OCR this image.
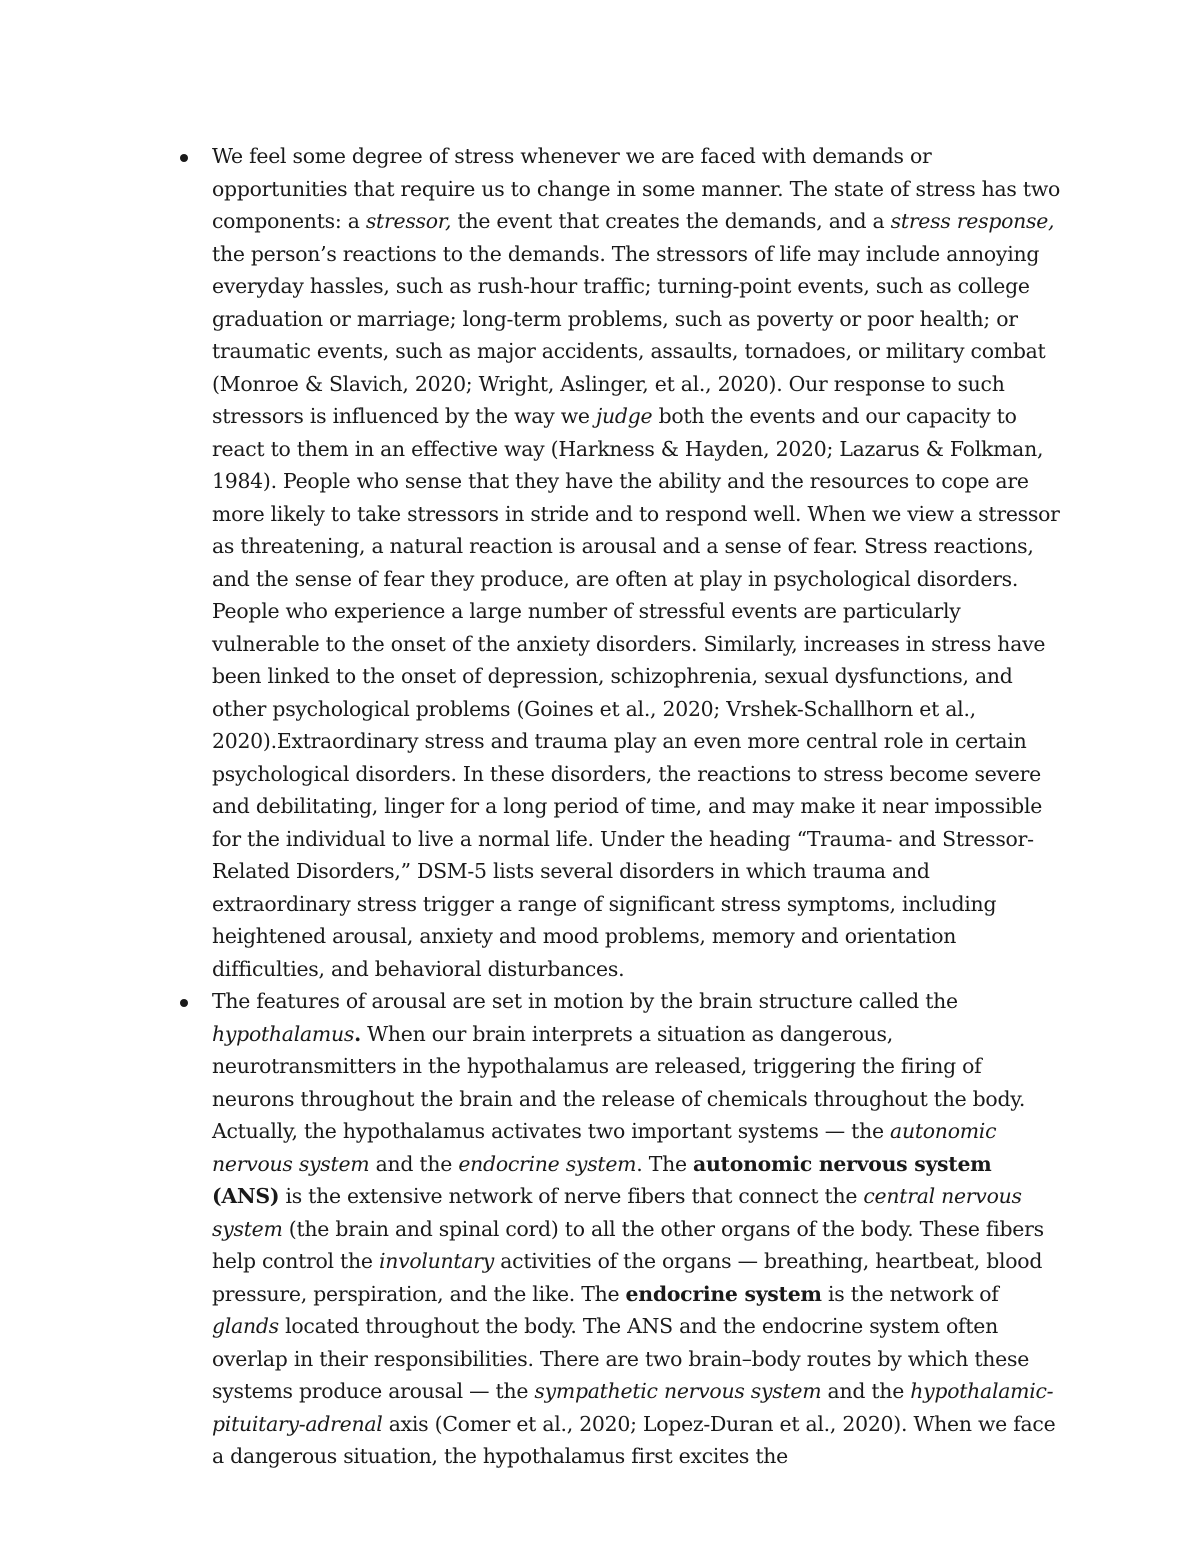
We feel some degree of stress whenever we are faced with demands or opportunities that require us to change in some manner. The state of stress has two components: a stressor, the event that creates the demands, and a stress response, the person’s reactions to the demands. The stressors of life may include annoying everyday hassles, such as rush-hour traffic; turning-point events, such as college graduation or marriage; long-term problems, such as poverty or poor health; or traumatic events, such as major accidents, assaults, tornadoes, or military combat (Monroe & Slavich, 2020; Wright, Aslinger, et al., 2020). Our response to such stressors is influenced by the way we judge both the events and our capacity to react to them in an effective way (Harkness & Hayden, 2020; Lazarus & Folkman, 1984). People who sense that they have the ability and the resources to cope are more likely to take stressors in stride and to respond well. When we view a stressor as threatening, a natural reaction is arousal and a sense of fear. Stress reactions, and the sense of fear they produce, are often at play in psychological disorders. People who experience a large number of stressful events are particularly vulnerable to the onset of the anxiety disorders. Similarly, increases in stress have been linked to the onset of depression, schizophrenia, sexual dysfunctions, and other psychological problems (Goines et al., 2020; Vrshek-Schallhorn et al., 2020).Extraordinary stress and trauma play an even more central role in certain psychological disorders. In these disorders, the reactions to stress become severe and debilitating, linger for a long period of time, and may make it near impossible for the individual to live a normal life. Under the heading “Trauma- and Stressor-Related Disorders,” DSM-5 lists several disorders in which trauma and extraordinary stress trigger a range of significant stress symptoms, including heightened arousal, anxiety and mood problems, memory and orientation difficulties, and behavioral disturbances.
The features of arousal are set in motion by the brain structure called the hypothalamus. When our brain interprets a situation as dangerous, neurotransmitters in the hypothalamus are released, triggering the firing of neurons throughout the brain and the release of chemicals throughout the body. Actually, the hypothalamus activates two important systems — the autonomic nervous system and the endocrine system. The autonomic nervous system (ANS) is the extensive network of nerve fibers that connect the central nervous system (the brain and spinal cord) to all the other organs of the body. These fibers help control the involuntary activities of the organs — breathing, heartbeat, blood pressure, perspiration, and the like. The endocrine system is the network of glands located throughout the body. The ANS and the endocrine system often overlap in their responsibilities. There are two brain–body routes by which these systems produce arousal — the sympathetic nervous system and the hypothalamic-pituitary-adrenal axis (Comer et al., 2020; Lopez-Duran et al., 2020). When we face a dangerous situation, the hypothalamus first excites the
